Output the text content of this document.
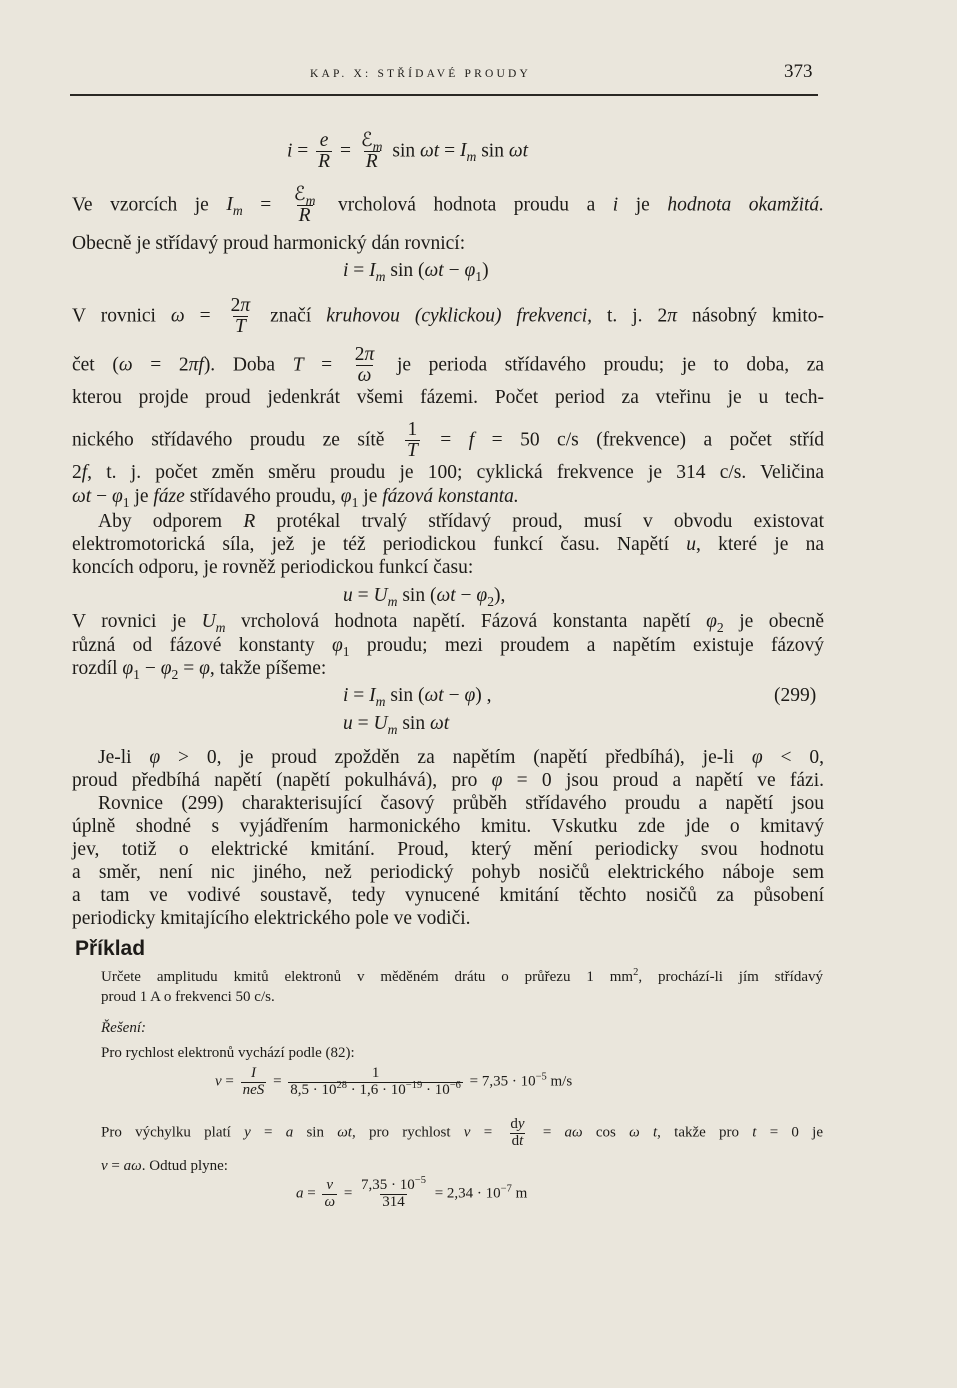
KAP. X: STŘÍDAVÉ PROUDY	373
$i = \frac{e}{R}$ = ℰ$_m$
R
$\sin \omega t = I_m$ sin ωt
Ve vzorcích je $I_m$ = ℰ$_m$
R
vrcholová hodnota proudu a i je hodnota okamžitá.
Obecně je střídavý proud harmonický dán rovnicí:
$i = I_m$ $\sin (\omega t - \varphi_1)$
V rovnici $\omega = \frac{2\pi}{T}$ značí kruhovou (cyklickou) frekvenci, t. j. 2π násobný kmito-
čet (ω = 2πf). Doba $T = \frac{2\pi}{\omega}$ je perioda střídavého proudu; je to doba, za
kterou projde proud jedenkrát všemi fázemi. Počet period za vteřinu je u tech-
nického střídavého proudu ze sítě $\frac{1}{T} = f = 50$ c/s (frekvence) a počet stříd
2f, t. j. počet změn směru proudu je 100; cyklická frekvence je 314 c/s. Veličina
$\omega t - \varphi_1$ je fáze střídavého proudu, $\varphi_1$ je fázová konstanta.
Aby odporem R protékal trvalý střídavý proud, musí v obvodu existovat
elektromotorická síla, jež je též periodickou funkcí času. Napětí u, které je na
koncích odporu, je rovněž periodickou funkcí času:
$u = U_m$ $\sin (\omega t - \varphi_2)$,
V rovnici je $U_m$ vrcholová hodnota napětí. Fázová konstanta napětí $\varphi_2$ je obecně
různá od fázové konstanty $\varphi_1$ proudu; mezi proudem a napětím existuje fázový
rozdíl $\varphi_1 - \varphi_2 = \varphi$, takže píšeme:
$i = I_m$ sin (ωt − φ) ,	(299)
$u = U_m$ sin ωt
Je-li φ > 0, je proud zpožděn za napětím (napětí předbíhá), je-li φ < 0,
proud předbíhá napětí (napětí pokulhává), pro φ = 0 jsou proud a napětí ve fázi.
Rovnice (299) charakterisující časový průběh střídavého proudu a napětí jsou
úplně shodné s vyjádřením harmonického kmitu. Vskutku zde jde o kmitavý
jev, totiž o elektrické kmitání. Proud, který mění periodicky svou hodnotu
a směr, není nic jiného, než periodický pohyb nosičů elektrického náboje sem
a tam ve vodivé soustavě, tedy vynucené kmitání těchto nosičů za působení
periodicky kmitajícího elektrického pole ve vodiči.
Příklad
Určete amplitudu kmitů elektronů v měděném drátu o průřezu 1 $mm^2$, prochází-li jím střídavý
proud 1 A o frekvenci 50 c/s.
Řešení:
Pro rychlost elektronů vychází podle (82):
v =
I
neS
= $\frac{1}{8,5 \cdot 10^{28} \cdot 1,6 \cdot 10^{-19} \cdot 10^{-6}} = 7,35 \cdot 10^{-5}$ m/s
Pro výchylku platí y = a sin ωt, pro rychlost $v = \frac{dy}{dt} = a\omega$ cos ω t, takže pro t = 0 je
v = aω. Odtud plyne:
$a = \frac{v}{\omega} = \frac{7,35 \cdot 10^{-5}}{314} = 2,34 \cdot 10^{-7}$ m
